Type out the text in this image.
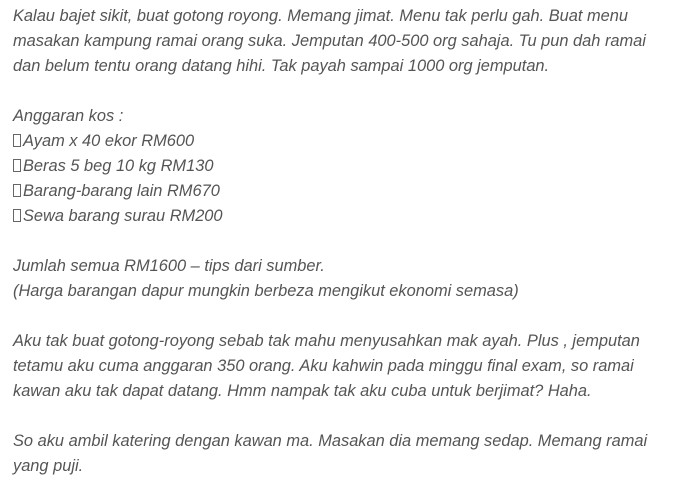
Kalau bajet sikit, buat gotong royong. Memang jimat. Menu tak perlu gah. Buat menu
masakan kampung ramai orang suka. Jemputan 400-500 org sahaja. Tu pun dah ramai
dan belum tentu orang datang hihi. Tak payah sampai 1000 org jemputan.

Anggaran kos :
Ayam x 40 ekor RM600
Beras 5 beg 10 kg RM130
Barang-barang lain RM670
Sewa barang surau RM200

Jumlah semua RM1600 – tips dari sumber.
(Harga barangan dapur mungkin berbeza mengikut ekonomi semasa)

Aku tak buat gotong-royong sebab tak mahu menyusahkan mak ayah. Plus , jemputan
tetamu aku cuma anggaran 350 orang. Aku kahwin pada minggu final exam, so ramai
kawan aku tak dapat datang. Hmm nampak tak aku cuba untuk berjimat? Haha.

So aku ambil katering dengan kawan ma. Masakan dia memang sedap. Memang ramai
yang puji.
